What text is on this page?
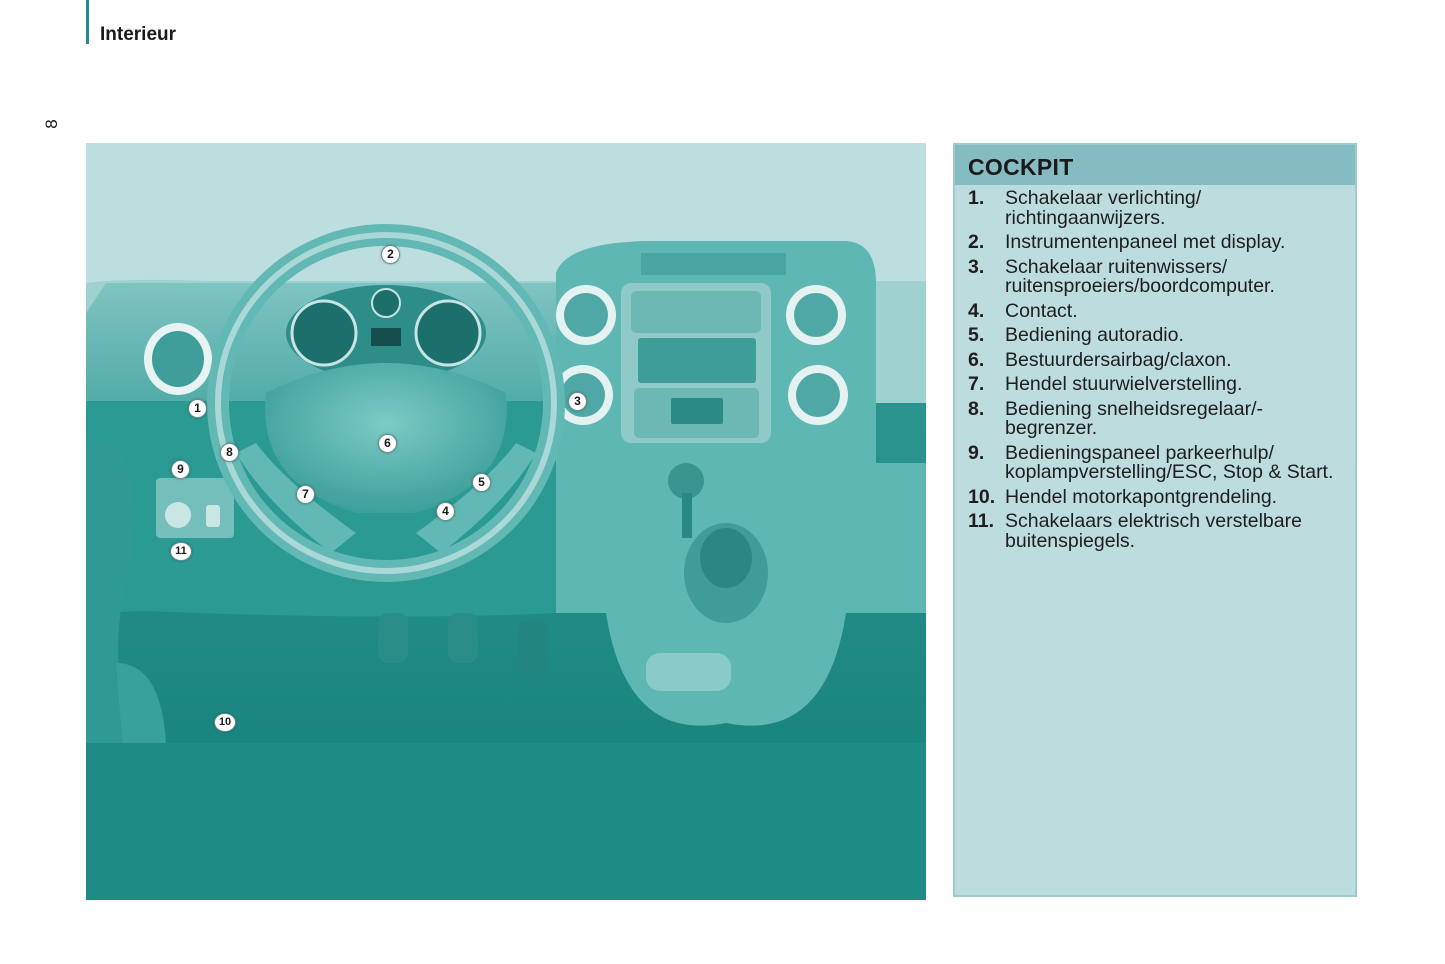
Interieur
8
1
2
3
4
5
6
7
8
9
10
11
COCKPIT
1.	Schakelaar verlichting/ richtingaanwijzers.
2.	Instrumentenpaneel met display.
3.	Schakelaar ruitenwissers/ ruitensproeiers/boordcomputer.
4.	Contact.
5.	Bediening autoradio.
6.	Bestuurdersairbag/claxon.
7.	Hendel stuurwielverstelling.
8.	Bediening snelheidsregelaar/- begrenzer.
9.	Bedieningspaneel parkeerhulp/ koplampverstelling/ESC, Stop & Start.
10. Hendel motorkapontgrendeling.
11. Schakelaars elektrisch verstelbare buitenspiegels.
